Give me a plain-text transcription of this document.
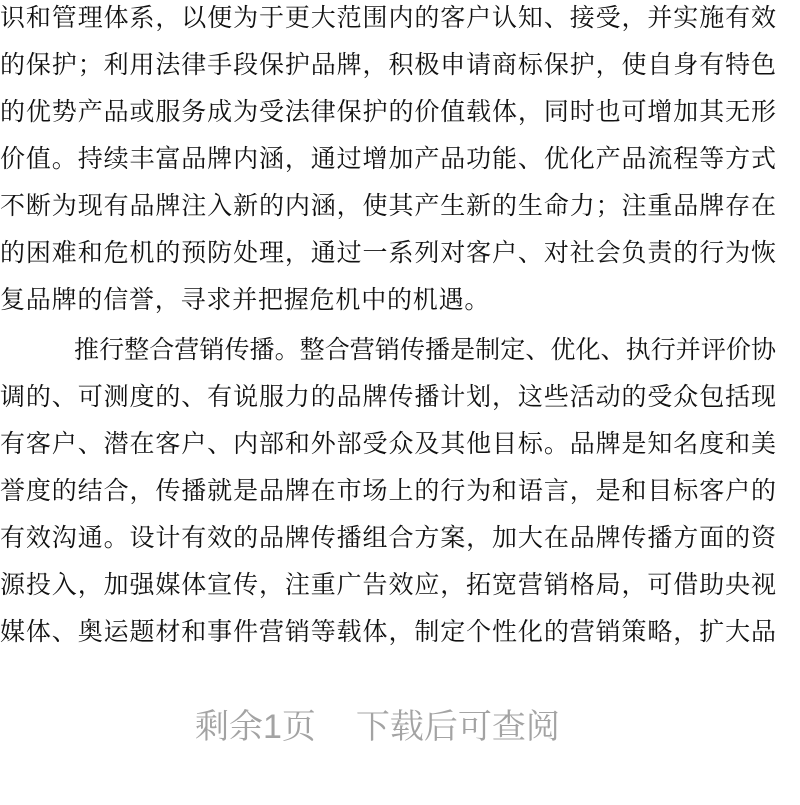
识和管理体系，以便为于更大范围内的客户认知、接受，并实施有效
的保护；利用法律手段保护品牌，积极申请商标保护，使自身有特色
的优势产品或服务成为受法律保护的价值载体，同时也可增加其无形
价值。持续丰富品牌内涵，通过增加产品功能、优化产品流程等方式
不断为现有品牌注入新的内涵，使其产生新的生命力；注重品牌存在
的困难和危机的预防处理，通过一系列对客户、对社会负责的行为恢
复品牌的信誉，寻求并把握危机中的机遇。
推行整合营销传播。整合营销传播是制定、优化、执行并评价协
调的、可测度的、有说服力的品牌传播计划，这些活动的受众包括现
有客户、潜在客户、内部和外部受众及其他目标。品牌是知名度和美
誉度的结合，传播就是品牌在市场上的行为和语言，是和目标客户的
有效沟通。设计有效的品牌传播组合方案，加大在品牌传播方面的资
源投入，加强媒体宣传，注重广告效应，拓宽营销格局，可借助央视
媒体、奥运题材和事件营销等载体，制定个性化的营销策略，扩大品
剩余1页 下载后可查阅
